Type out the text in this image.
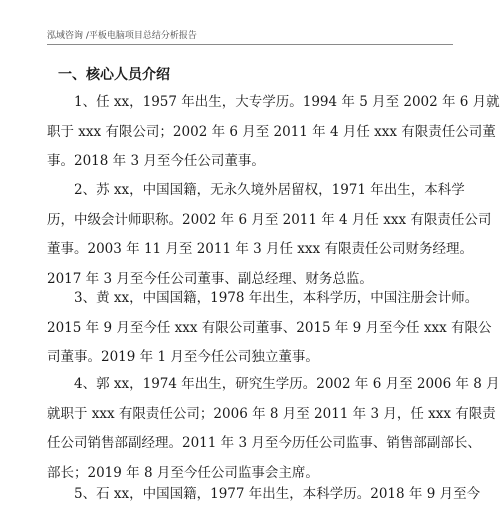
泓域咨询 /平板电脑项目总结分析报告
一、核心人员介绍
1、任 xx，1957 年出生，大专学历。1994 年 5 月至 2002 年 6 月就
职于 xxx 有限公司；2002 年 6 月至 2011 年 4 月任 xxx 有限责任公司董
事。2018 年 3 月至今任公司董事。
2、苏 xx，中国国籍，无永久境外居留权，1971 年出生，本科学
历，中级会计师职称。2002 年 6 月至 2011 年 4 月任 xxx 有限责任公司
董事。2003 年 11 月至 2011 年 3 月任 xxx 有限责任公司财务经理。
2017 年 3 月至今任公司董事、副总经理、财务总监。
3、黄 xx，中国国籍，1978 年出生，本科学历，中国注册会计师。
2015 年 9 月至今任 xxx 有限公司董事、2015 年 9 月至今任 xxx 有限公
司董事。2019 年 1 月至今任公司独立董事。
4、郭 xx，1974 年出生，研究生学历。2002 年 6 月至 2006 年 8 月
就职于 xxx 有限责任公司；2006 年 8 月至 2011 年 3 月，任 xxx 有限责
任公司销售部副经理。2011 年 3 月至今历任公司监事、销售部副部长、
部长；2019 年 8 月至今任公司监事会主席。
5、石 xx，中国国籍，1977 年出生，本科学历。2018 年 9 月至今
